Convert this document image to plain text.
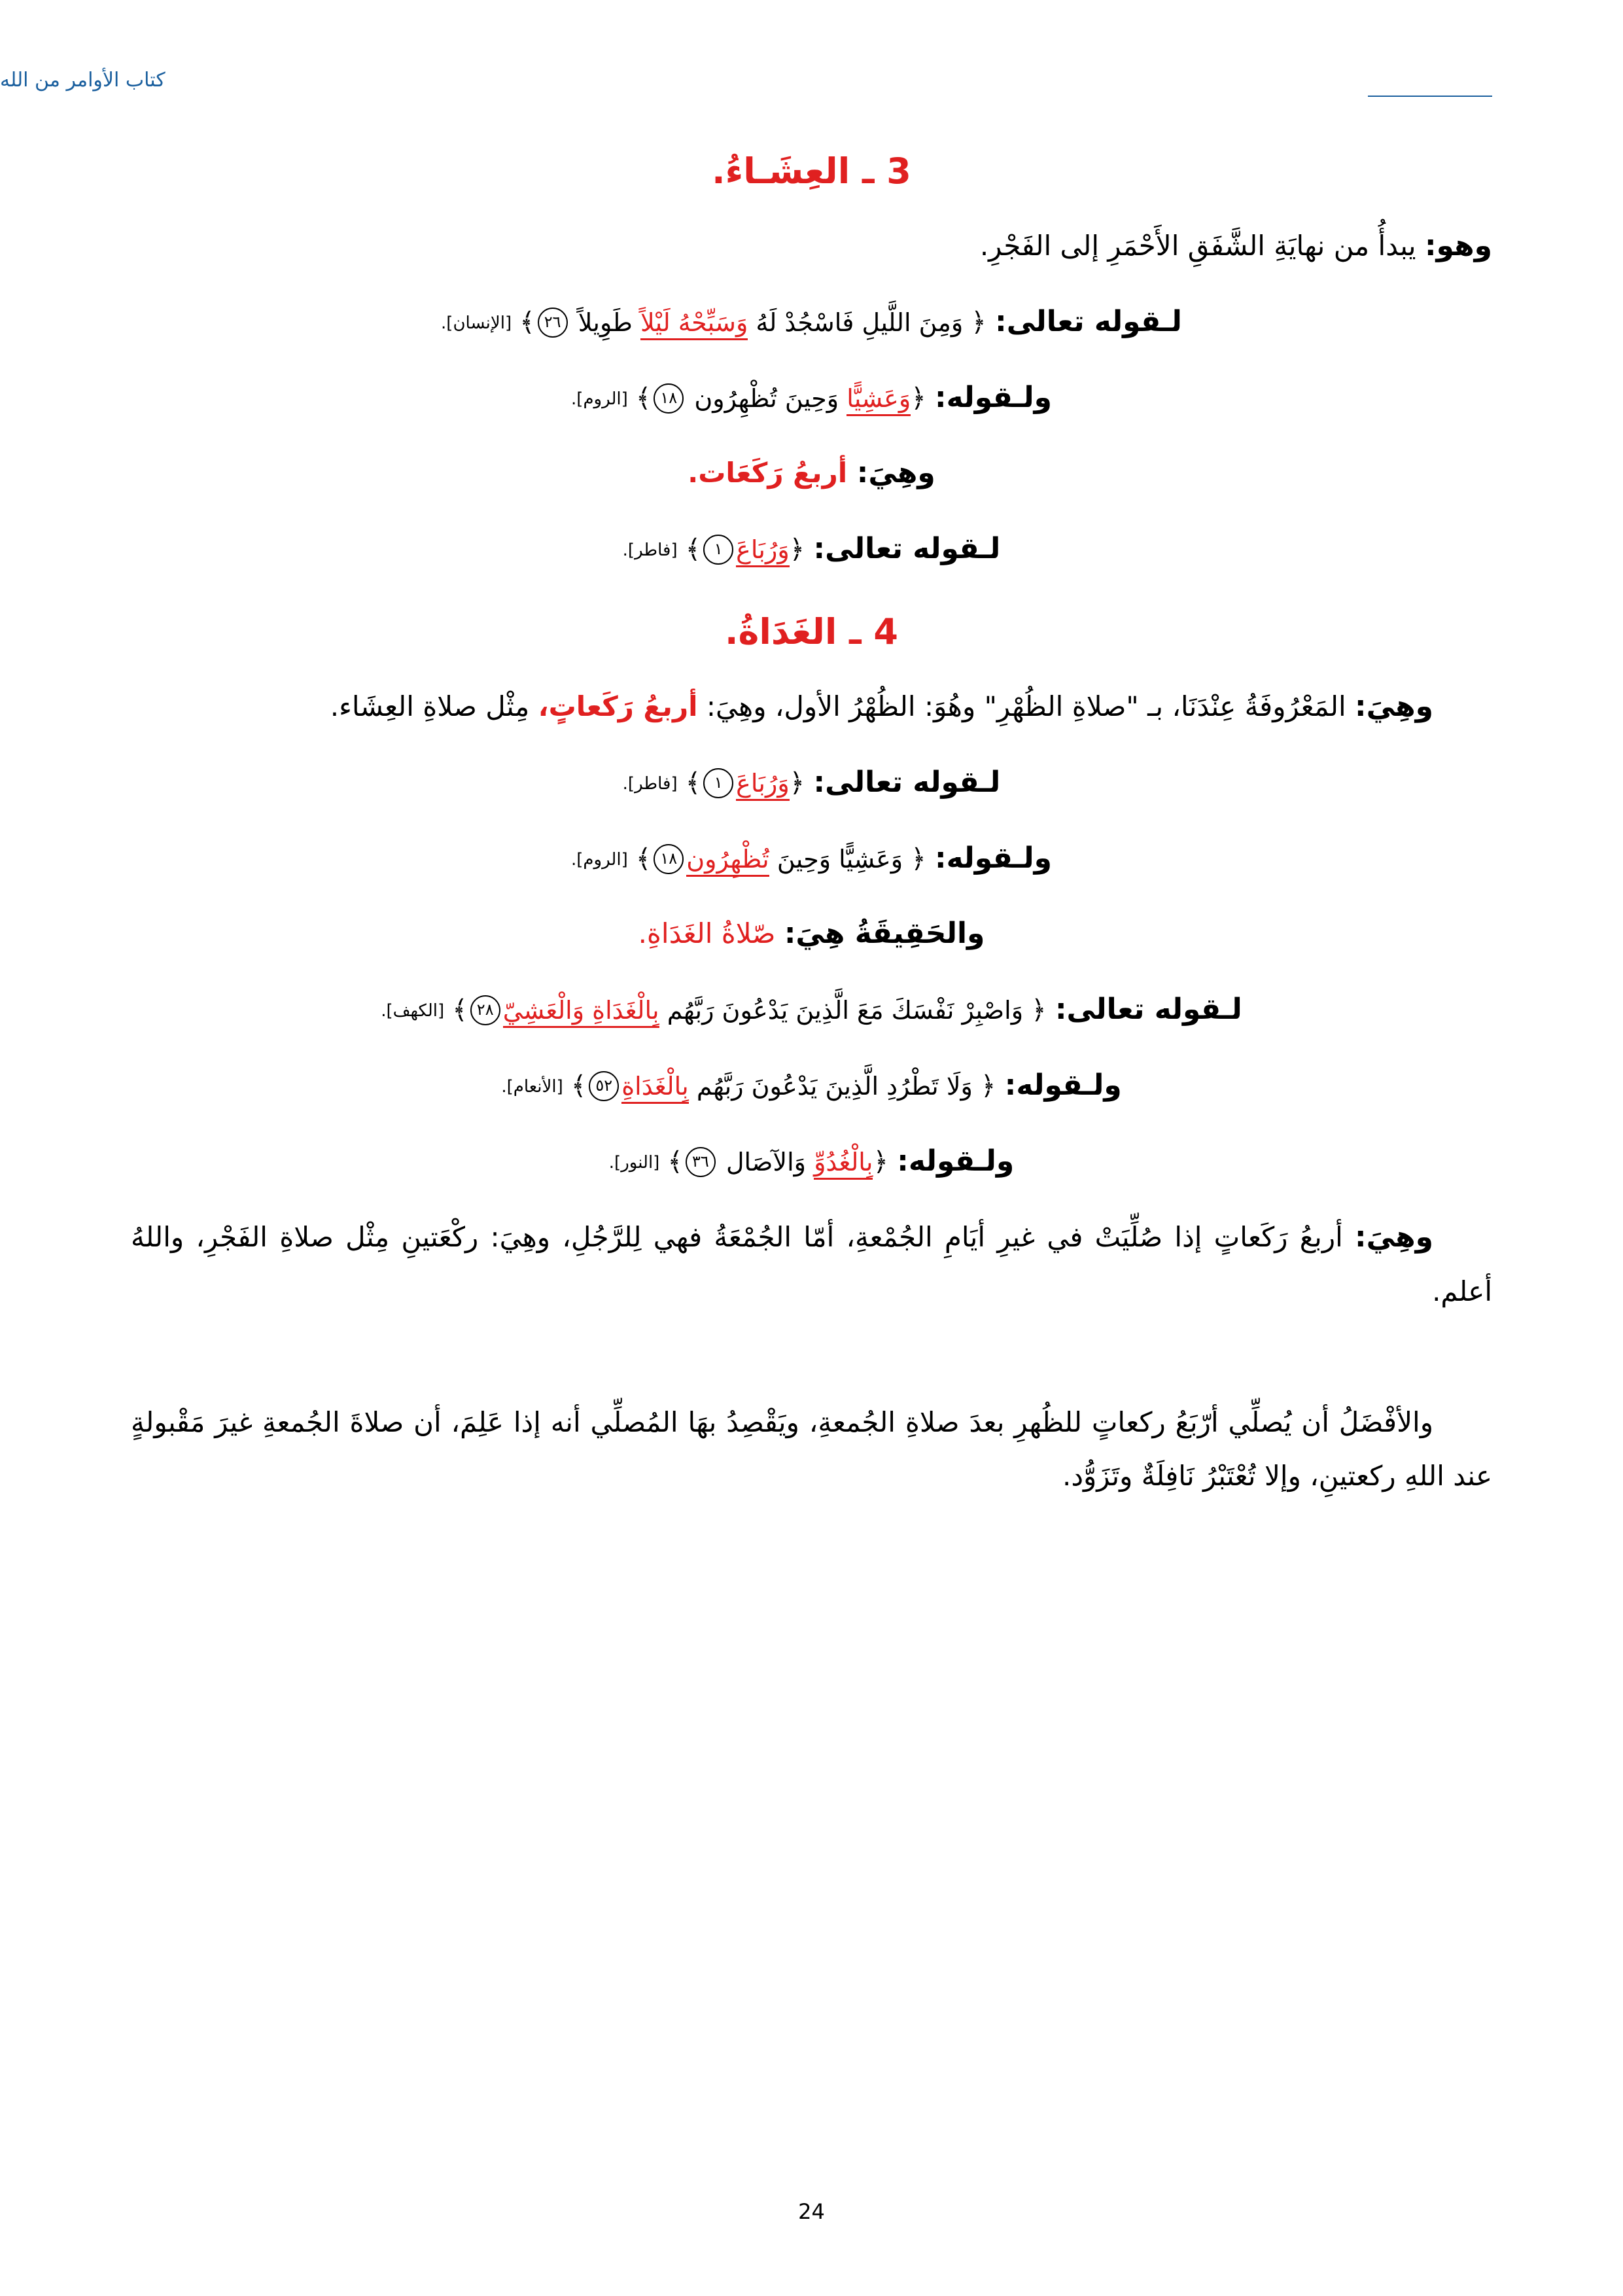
كتاب الأوامر من الله
3 ـ العِشَـاءُ.

وهو: يبدأُ من نهايَةِ الشَّفَقِ الأَحْمَرِ إلى الفَجْرِ.

لـقوله تعالى: ﴿ وَمِنَ اللَّيلِ فَاسْجُدْ لَهُ وَسَبِّحْهُ لَيْلاً طَوِيلاً ٢٦﴾ [الإنسان].

ولـقوله: ﴿وَعَشِيًّا وَحِينَ تُظْهِرُون ١٨﴾ [الروم].

وهِيَ: أربعُ رَكَعَات.

لـقوله تعالى: ﴿وَرُبَاعَ١﴾ [فاطر].

4 ـ الغَدَاةُ.

وهِيَ: المَعْرُوفَةُ عِنْدَنَا، بـ "صلاةِ الظُهْرِ" وهُوَ: الظُهْرُ الأول، وهِيَ: أربعُ رَكَعاتٍ، مِثْل صلاةِ العِشَاء.

لـقوله تعالى: ﴿وَرُبَاعَ١﴾ [فاطر].

ولـقوله: ﴿ وَعَشِيًّا وَحِينَ تُظْهِرُون١٨﴾ [الروم].

والحَقِيقَةُ هِيَ: صّلاةُ الغَدَاةِ.

لـقوله تعالى: ﴿ وَاصْبِرْ نَفْسَكَ مَعَ الَّذِينَ يَدْعُونَ رَبَّهُم بِالْغَدَاةِ وَالْعَشِيّ٢٨﴾ [الكهف].

ولـقوله: ﴿ وَلَا تَطْرُدِ الَّذِينَ يَدْعُونَ رَبَّهُم بِالْغَدَاةِ٥٢﴾ [الأنعام].

ولـقوله: ﴿بِالْغُدُوِّ وَالآصَال ٣٦﴾ [النور].

وهِيَ: أربعُ رَكَعاتٍ إذا صُلِّيَتْ في غيرِ أيَامِ الجُمْعةِ، أمّا الجُمْعَةُ فهي لِلرَّجُلِ، وهِيَ: ركْعَتينِ مِثْل صلاةِ الفَجْرِ، واللهُ أعلم.

والأفْضَلُ أن يُصلِّي أرّبَعُ ركعاتٍ للظُهرِ بعدَ صلاةِ الجُمعةِ، ويَقْصِدُ بهَا المُصلِّي أنه إذا عَلِمَ، أن صلاةَ الجُمعةِ غيرَ مَقْبولةٍ عند اللهِ ركعتينِ، وإلا تُعْتَبْرُ نَافِلَةٌ وتَزَوُّد.

24
